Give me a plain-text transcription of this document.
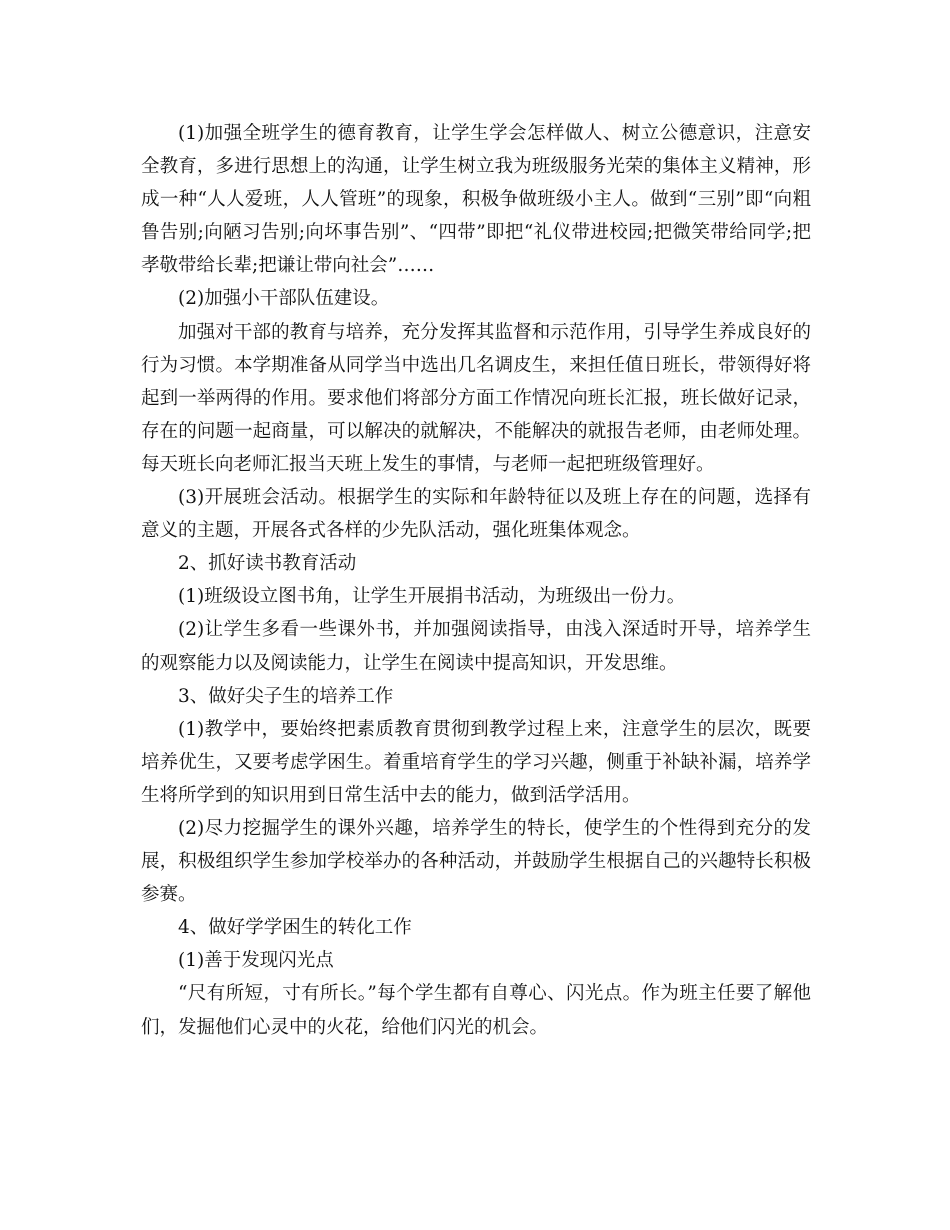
(1)加强全班学生的德育教育，让学生学会怎样做人、树立公德意识，注意安全教育，多进行思想上的沟通，让学生树立我为班级服务光荣的集体主义精神，形成一种“人人爱班，人人管班”的现象，积极争做班级小主人。做到“三别”即“向粗鲁告别;向陋习告别;向坏事告别”、“四带”即把“礼仪带进校园;把微笑带给同学;把孝敬带给长辈;把谦让带向社会”……

(2)加强小干部队伍建设。

加强对干部的教育与培养，充分发挥其监督和示范作用，引导学生养成良好的行为习惯。本学期准备从同学当中选出几名调皮生，来担任值日班长，带领得好将起到一举两得的作用。要求他们将部分方面工作情况向班长汇报，班长做好记录，存在的问题一起商量，可以解决的就解决，不能解决的就报告老师，由老师处理。每天班长向老师汇报当天班上发生的事情，与老师一起把班级管理好。

(3)开展班会活动。根据学生的实际和年龄特征以及班上存在的问题，选择有意义的主题，开展各式各样的少先队活动，强化班集体观念。

2、抓好读书教育活动

(1)班级设立图书角，让学生开展捐书活动，为班级出一份力。

(2)让学生多看一些课外书，并加强阅读指导，由浅入深适时开导，培养学生的观察能力以及阅读能力，让学生在阅读中提高知识，开发思维。

3、做好尖子生的培养工作

(1)教学中，要始终把素质教育贯彻到教学过程上来，注意学生的层次，既要培养优生，又要考虑学困生。着重培育学生的学习兴趣，侧重于补缺补漏，培养学生将所学到的知识用到日常生活中去的能力，做到活学活用。

(2)尽力挖掘学生的课外兴趣，培养学生的特长，使学生的个性得到充分的发展，积极组织学生参加学校举办的各种活动，并鼓励学生根据自己的兴趣特长积极参赛。

4、做好学学困生的转化工作

(1)善于发现闪光点

“尺有所短，寸有所长。”每个学生都有自尊心、闪光点。作为班主任要了解他们，发掘他们心灵中的火花，给他们闪光的机会。
